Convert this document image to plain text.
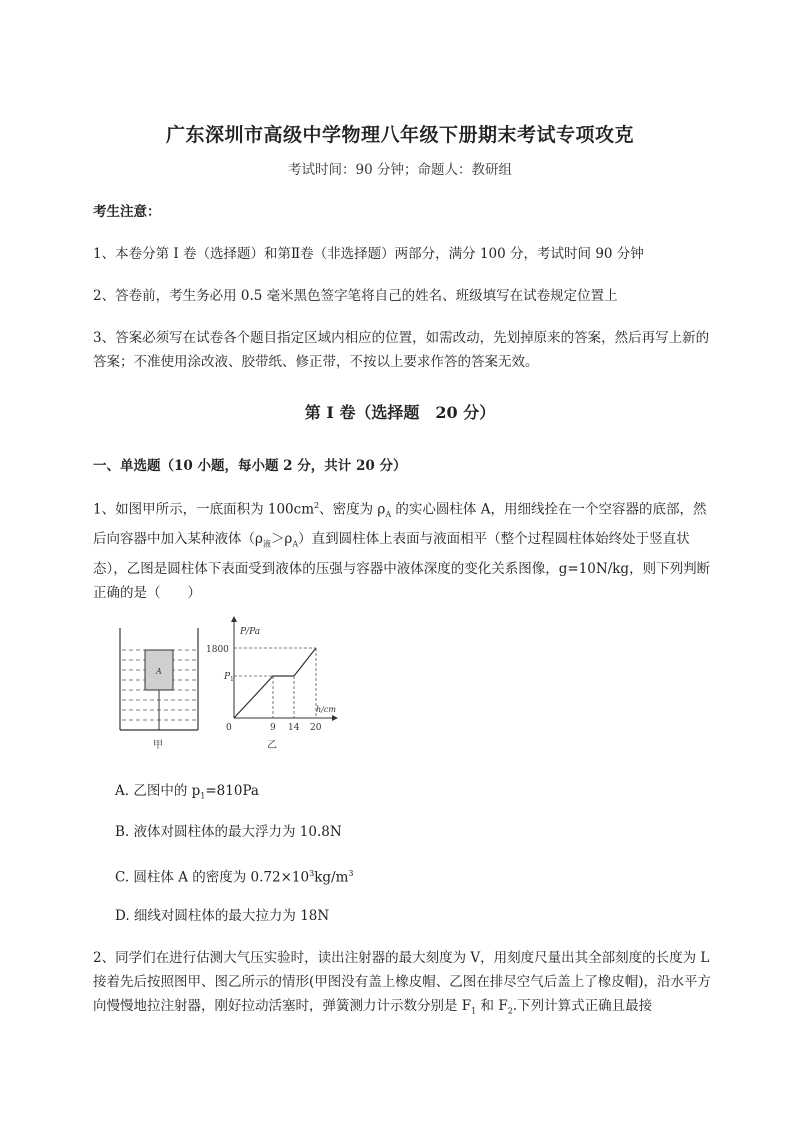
广东深圳市高级中学物理八年级下册期末考试专项攻克
考试时间：90 分钟；命题人：教研组
考生注意：
1、本卷分第 I 卷（选择题）和第Ⅱ卷（非选择题）两部分，满分 100 分，考试时间 90 分钟
2、答卷前，考生务必用 0.5 毫米黑色签字笔将自己的姓名、班级填写在试卷规定位置上
3、答案必须写在试卷各个题目指定区域内相应的位置，如需改动，先划掉原来的答案，然后再写上新的答案；不准使用涂改液、胶带纸、修正带，不按以上要求作答的答案无效。
第 I 卷（选择题　20 分）
一、单选题（10 小题，每小题 2 分，共计 20 分）
1、如图甲所示，一底面积为 $100cm^2$、密度为 $\rho_A$ 的实心圆柱体 A，用细线拴在一个空容器的底部，然后向容器中加入某种液体$(\rho_液>\rho_A)$直到圆柱体上表面与液面相平（整个过程圆柱体始终处于竖直状态），乙图是圆柱体下表面受到液体的压强与容器中液体深度的变化关系图像，g=10N/kg，则下列判断正确的是（　　）
A
甲
P/Pa
h/cm
1800
P 1
0	9 14 20
乙
A. 乙图中的 $p_1=810Pa$
B. 液体对圆柱体的最大浮力为 10.8N
C. 圆柱体 A 的密度为 $0.72\times 10^3kg/m^3$
D. 细线对圆柱体的最大拉力为 18N
2、同学们在进行估测大气压实验时，读出注射器的最大刻度为 V，用刻度尺量出其全部刻度的长度为 L 接着先后按照图甲、图乙所示的情形(甲图没有盖上橡皮帽、乙图在排尽空气后盖上了橡皮帽)，沿水平方向慢慢地拉注射器，刚好拉动活塞时，弹簧测力计示数分别是 $F_1$ 和 $F_2$.下列计算式正确且最接
